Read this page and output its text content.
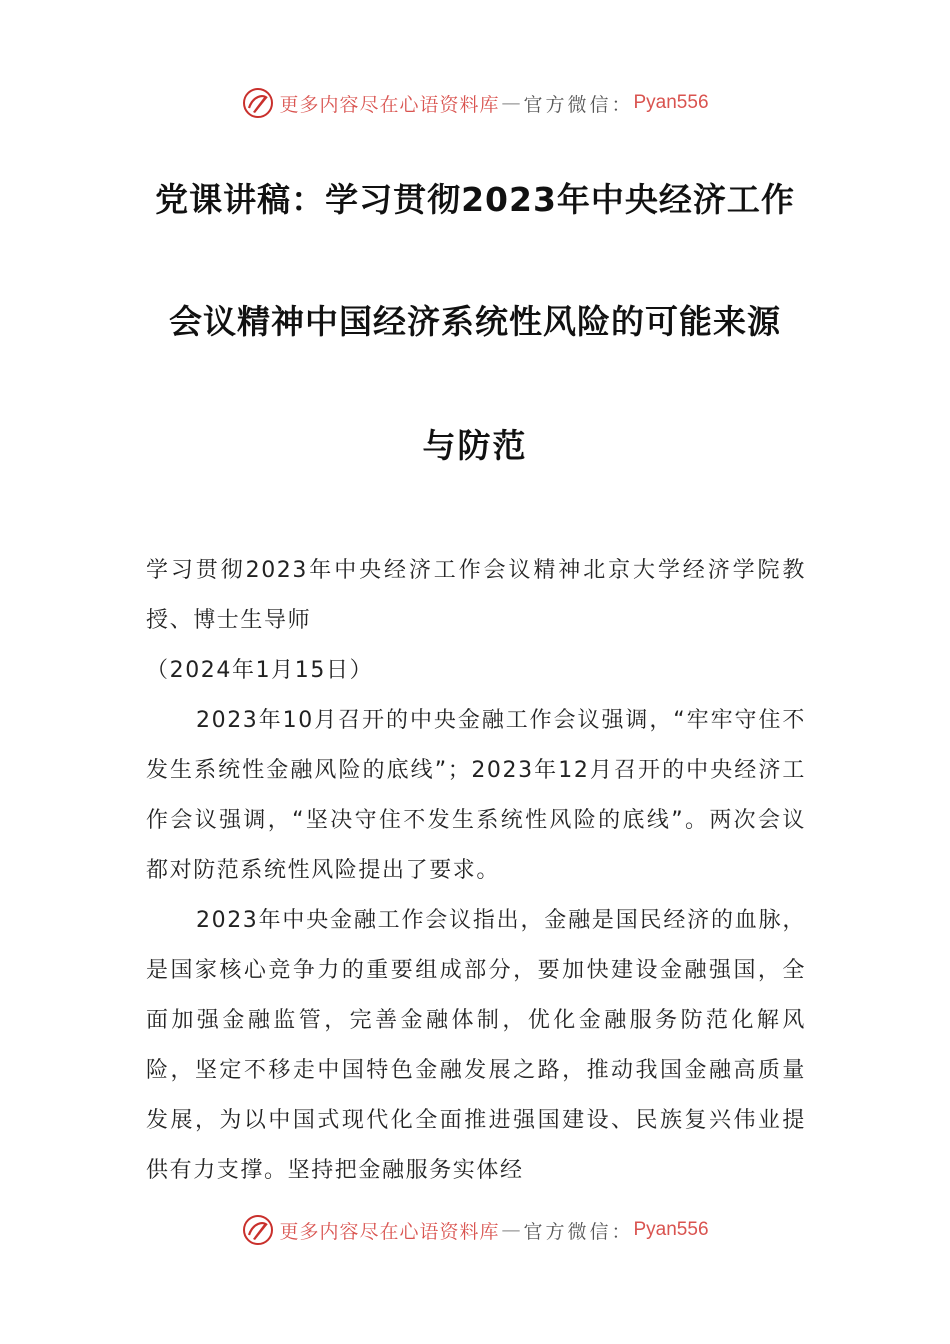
更多内容尽在心语资料库 — 官方微信： Pyan556
党课讲稿：学习贯彻2023年中央经济工作
会议精神中国经济系统性风险的可能来源
与防范

学习贯彻2023年中央经济工作会议精神北京大学经济学院教授、博士生导师

（2024年1月15日）

2023年10月召开的中央金融工作会议强调，“牢牢守住不发生系统性金融风险的底线”；2023年12月召开的中央经济工作会议强调，“坚决守住不发生系统性风险的底线”。两次会议都对防范系统性风险提出了要求。

2023年中央金融工作会议指出，金融是国民经济的血脉，是国家核心竞争力的重要组成部分，要加快建设金融强国，全面加强金融监管，完善金融体制，优化金融服务防范化解风险，坚定不移走中国特色金融发展之路，推动我国金融高质量发展，为以中国式现代化全面推进强国建设、民族复兴伟业提供有力支撑。坚持把金融服务实体经

更多内容尽在心语资料库 — 官方微信： Pyan556
